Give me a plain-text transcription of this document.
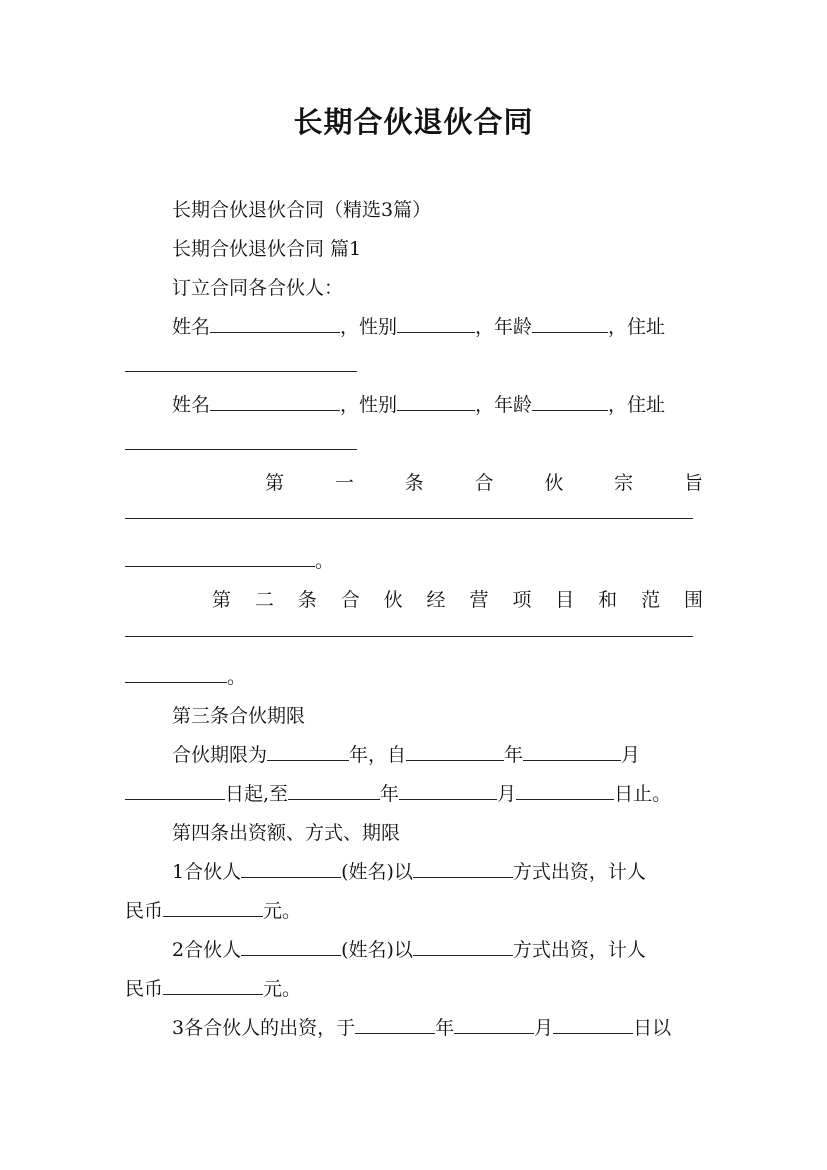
长期合伙退伙合同
长期合伙退伙合同（精选3篇）
长期合伙退伙合同 篇1
订立合同各合伙人：
姓名	，性别	，年龄	，住址
姓名	，性别	，年龄	，住址
第	一	条	合	伙	宗	旨
。
第 二 条 合 伙 经 营 项 目 和 范 围
。
第三条合伙期限
合伙期限为	年，自	年	月
日起,至	年	月	日止。
第四条出资额、方式、期限
1合伙人	(姓名)以	方式出资，计人
民币	元。
2合伙人	(姓名)以	方式出资，计人
民币	元。
3各合伙人的出资，于	年	月	日以
